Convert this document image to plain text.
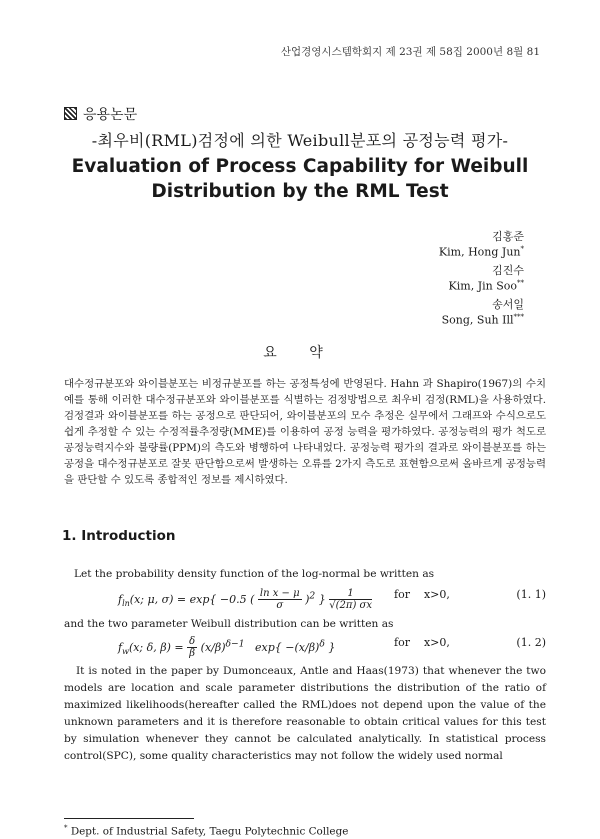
산업경영시스템학회지 제 23권 제 58집 2000년 8월 81
응용논문
-최우비(RML)검정에 의한 Weibull분포의 공정능력 평가-
Evaluation of Process Capability for Weibull
Distribution by the RML Test
김홍준
Kim, Hong Jun*
김진수
Kim, Jin Soo**
송서일
Song, Suh Ill***
요 약
대수정규분포와 와이블분포는 비정규분포를 하는 공정특성에 반영된다. Hahn 과 Shapiro(1967)의 수치 예를 통해 이러한 대수정규분포와 와이블분포를 식별하는 검정방법으로 최우비 검정(RML)을 사용하였다. 검정결과 와이블분포를 하는 공정으로 판단되어, 와이블분포의 모수 추정은 실무에서 그래프와 수식으로도 쉽게 추정할 수 있는 수정적률추정량(MME)를 이용하여 공정 능력을 평가하였다. 공정능력의 평가 척도로 공정능력지수와 불량률(PPM)의 측도와 병행하여 나타내었다. 공정능력 평가의 결과로 와이블분포를 하는 공정을 대수정규분포로 잘못 판단함으로써 발생하는 오류를 2가지 측도로 표현함으로써 올바르게 공정능력을 판단할 수 있도록 종합적인 정보를 제시하였다.
1. Introduction
Let the probability density function of the log-normal be written as
$f_{ln}(x$; μ, σ) = exp{ −0.5 ( $\frac{\text{ln x − μ}}{\sigma} )^2$ } $\frac{1}{√(2\pi) \sigma x}$ for    x>0,	(1. 1)
and the two parameter Weibull distribution can be written as
$f_w(x$; δ, $\beta) = \frac{\delta}{\beta} (x/\beta)^{\delta-1}$   $\exp\{ -(x/\beta)^\delta$ }	for    x>0,	(1. 2)
It is noted in the paper by Dumonceaux, Antle and Haas(1973) that whenever the two models are location and scale parameter distributions the distribution of the ratio of maximized likelihoods(hereafter called the RML)does not depend upon the value of the unknown parameters and it is therefore reasonable to obtain critical values for this test by simulation whenever they cannot be calculated analytically. In statistical process control(SPC), some quality characteristics may not follow the widely used normal
* Dept. of Industrial Safety, Taegu Polytechnic College
